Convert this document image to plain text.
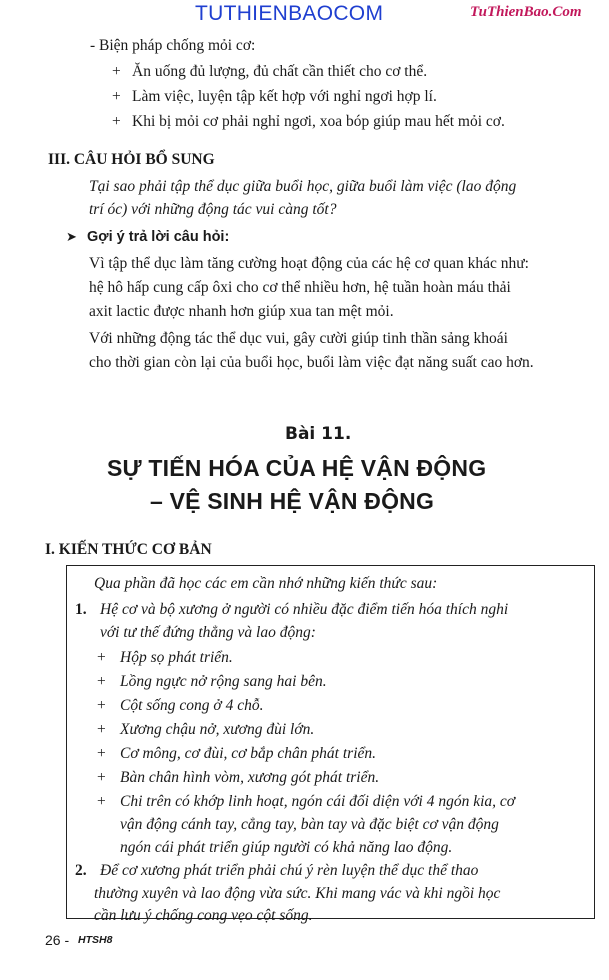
TUTHIENBAOCOM	TuThienBao.Com
- Biện pháp chống mỏi cơ:
+ Ăn uống đủ lượng, đủ chất cần thiết cho cơ thể.
+ Làm việc, luyện tập kết hợp với nghỉ ngơi hợp lí.
+ Khi bị mỏi cơ phải nghỉ ngơi, xoa bóp giúp mau hết mỏi cơ.
III. CÂU HỎI BỔ SUNG
Tại sao phải tập thể dục giữa buổi học, giữa buổi làm việc (lao động
trí óc) với những động tác vui càng tốt?
➤ Gợi ý trả lời câu hỏi:
Vì tập thể dục làm tăng cường hoạt động của các hệ cơ quan khác như:
hệ hô hấp cung cấp ôxi cho cơ thể nhiều hơn, hệ tuần hoàn máu thải
axit lactic được nhanh hơn giúp xua tan mệt mỏi.
Với những động tác thể dục vui, gây cười giúp tinh thần sảng khoái
cho thời gian còn lại của buổi học, buổi làm việc đạt năng suất cao hơn.
Bài 11.
SỰ TIẾN HÓA CỦA HỆ VẬN ĐỘNG
– VỆ SINH HỆ VẬN ĐỘNG
I. KIẾN THỨC CƠ BẢN
Qua phần đã học các em cần nhớ những kiến thức sau:
1. Hệ cơ và bộ xương ở người có nhiều đặc điểm tiến hóa thích nghi
với tư thế đứng thẳng và lao động:
+ Hộp sọ phát triển.
+ Lồng ngực nở rộng sang hai bên.
+ Cột sống cong ở 4 chỗ.
+ Xương chậu nở, xương đùi lớn.
+ Cơ mông, cơ đùi, cơ bắp chân phát triển.
+ Bàn chân hình vòm, xương gót phát triển.
+ Chi trên có khớp linh hoạt, ngón cái đối diện với 4 ngón kia, cơ
vận động cánh tay, cẳng tay, bàn tay và đặc biệt cơ vận động
ngón cái phát triển giúp người có khả năng lao động.
2. Để cơ xương phát triển phải chú ý rèn luyện thể dục thể thao
thường xuyên và lao động vừa sức. Khi mang vác và khi ngồi học
cần lưu ý chống cong vẹo cột sống.
26 - HTSH8
